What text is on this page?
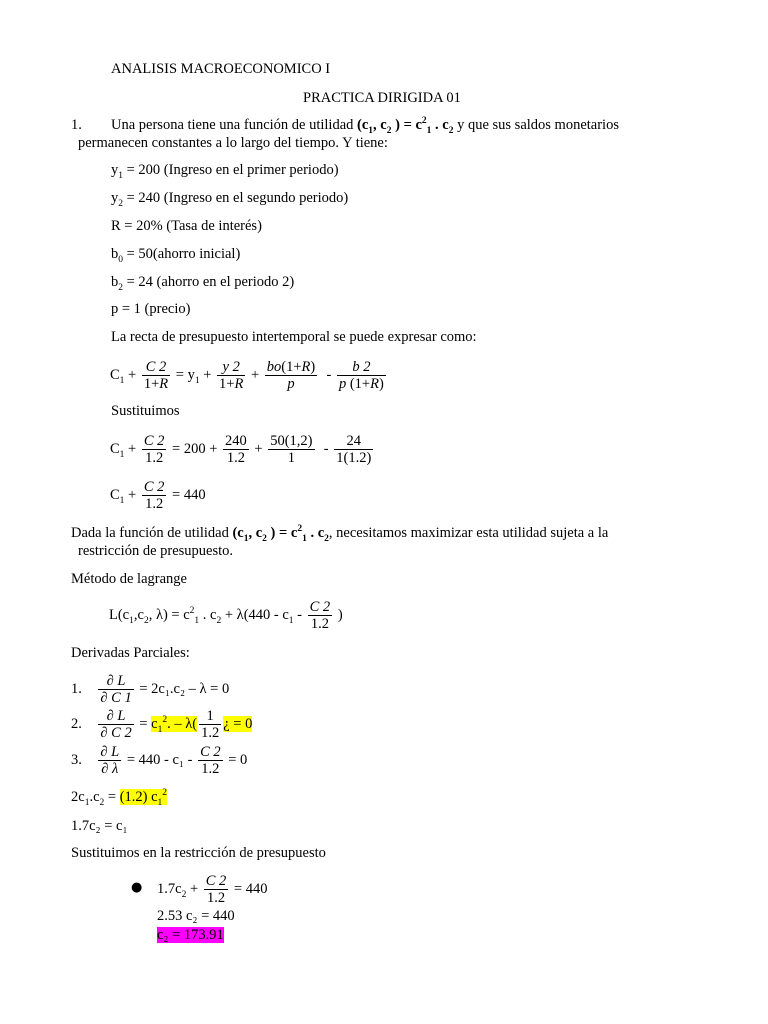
ANALISIS MACROECONOMICO I
PRACTICA DIRIGIDA 01
1. Una persona tiene una función de utilidad ($c_1$, $c_2$ ) = $c^2_1$ . $c_2$ y que sus saldos monetarios
permanecen constantes a lo largo del tiempo. Y tiene:
$y_1 = 200$ (Ingreso en el primer periodo)
$y_2 = 240$ (Ingreso en el segundo periodo)
R = 20% (Tasa de interés)
$b_0$ = 50(ahorro inicial)
$b_2 = 24$ (ahorro en el periodo 2)
p = 1 (precio)
La recta de presupuesto intertemporal se puede expresar como:
$C_1 + \frac{C 2}{1+R} = y_1 + \frac{y 2}{1+R} + \frac{bo(1+R)}{p} - \frac{b 2}{p (1+R)}$
Sustituimos
$C_1 + \frac{C 2}{1.2} = 200 + \frac{240}{1.2} + \frac{50(1,2)}{1} - \frac{24}{1(1.2)}$
$C_1 + \frac{C 2}{1.2} = 440$
Dada la función de utilidad ($c_1$, $c_2$ ) = $c^2_1$ . $c_2$, necesitamos maximizar esta utilidad sujeta a la
restricción de presupuesto.
Método de lagrange
$L(c_1,c_2$, $\lambda) = c^2_1$ . $c_2 + \lambda(440 - c_1 - \frac{C 2}{1.2}$ )
Derivadas Parciales:
1. $\frac{\partial L}{\partial C 1} = 2c_1.c_2 - \lambda = 0$
2. $\frac{\partial L}{\partial C 2} = c_1^2$. – $\lambda( \frac{1}{1.2}$ ¿ = 0
3. $\frac{\partial L}{\partial \lambda} = 440 - c_1 - \frac{C 2}{1.2} = 0$
$2c_1.c_2 = (1.2)$ $c_1^2$
1.7c₂ = c₁
Sustituimos en la restricción de presupuesto
● $1.7c_2 + \frac{C 2}{1.2} = 440$
2.53 c₂ = 440
c₂ = 173.91
